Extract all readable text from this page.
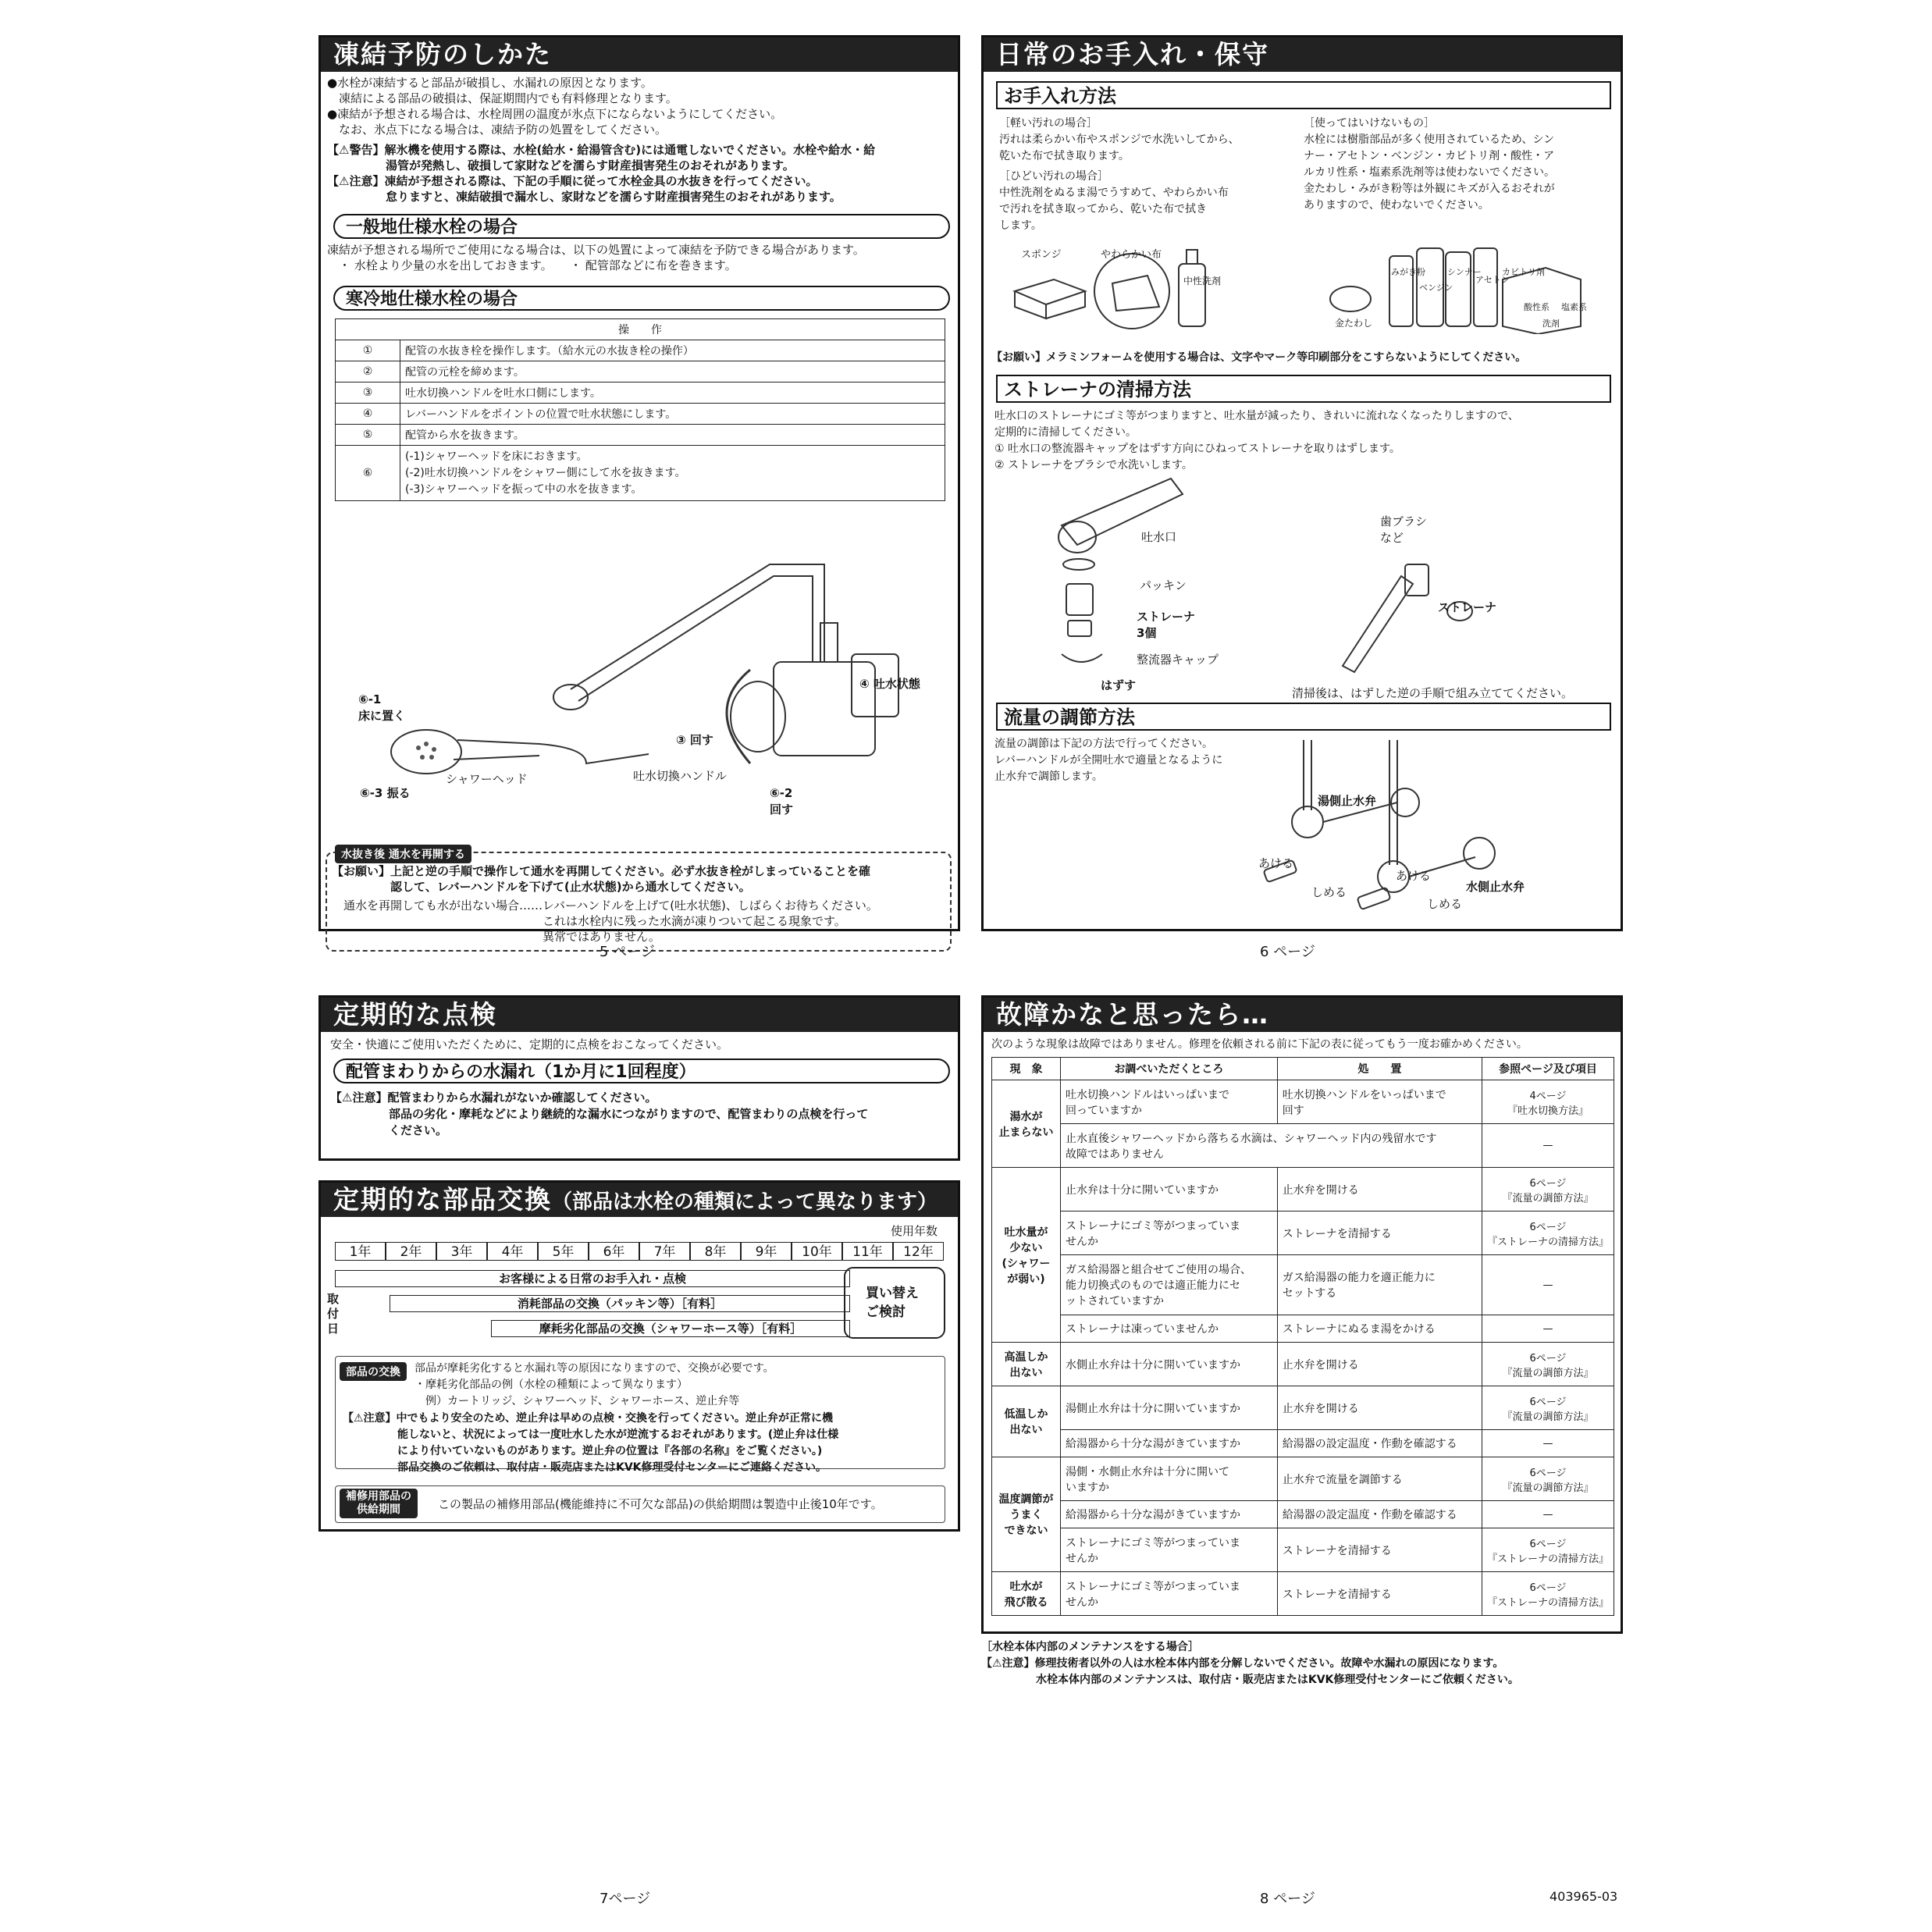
凍結予防のしかた
●水栓が凍結すると部品が破損し、水漏れの原因となります。
　凍結による部品の破損は、保証期間内でも有料修理となります。
●凍結が予想される場合は、水栓周囲の温度が氷点下にならないようにしてください。
　なお、氷点下になる場合は、凍結予防の処置をしてください。
【⚠警告】解氷機を使用する際は、水栓(給水・給湯管含む)には通電しないでください。水栓や給水・給
　　　　　湯管が発熱し、破損して家財などを濡らす財産損害発生のおそれがあります。
【⚠注意】凍結が予想される際は、下記の手順に従って水栓金具の水抜きを行ってください。
　　　　　怠りますと、凍結破損で漏水し、家財などを濡らす財産損害発生のおそれがあります。
一般地仕様水栓の場合
凍結が予想される場所でご使用になる場合は、以下の処置によって凍結を予防できる場合があります。
　・ 水栓より少量の水を出しておきます。　　・ 配管部などに布を巻きます。
寒冷地仕様水栓の場合
操　　作	
①	配管の水抜き栓を操作します。（給水元の水抜き栓の操作）
②	配管の元栓を締めます。
③	吐水切換ハンドルを吐水口側にします。
④	レバーハンドルをポイントの位置で吐水状態にします。
⑤	配管から水を抜きます。
⑥	(-1)シャワーヘッドを床におきます。
(-2)吐水切換ハンドルをシャワー側にして水を抜きます。
(-3)シャワーヘッドを振って中の水を抜きます。
⑥-1
床に置く
⑥-3 振る
シャワーヘッド
③ 回す
吐水切換ハンドル
④ 吐水状態
⑥-2
回す
水抜き後 通水を再開する
【お願い】上記と逆の手順で操作して通水を再開してください。必ず水抜き栓がしまっていることを確
　　　　　認して、レバーハンドルを下げて(止水状態)から通水してください。
　通水を再開しても水が出ない場合……レバーハンドルを上げて(吐水状態)、しばらくお待ちください。
　　　　　　　　　　　　　　　　　　これは水栓内に残った水滴が凍りついて起こる現象です。
　　　　　　　　　　　　　　　　　　異常ではありません。
5 ページ
日常のお手入れ・保守
お手入れ方法
［軽い汚れの場合］
汚れは柔らかい布やスポンジで水洗いしてから、
乾いた布で拭き取ります。
［ひどい汚れの場合］
中性洗剤をぬるま湯でうすめて、やわらかい布
で汚れを拭き取ってから、乾いた布で拭き
します。
［使ってはいけないもの］
水栓には樹脂部品が多く使用されているため、シン
ナー・アセトン・ベンジン・カビトリ剤・酸性・ア
ルカリ性系・塩素系洗剤等は使わないでください。
金たわし・みがき粉等は外観にキズが入るおそれが
ありますので、使わないでください。
スポンジ	やわらかい布
中性洗剤
金たわし
みがき粉
ベンジン
シンナー
アセトン
カビトリ剤
酸性系 塩素系
洗剤
【お願い】メラミンフォームを使用する場合は、文字やマーク等印刷部分をこすらないようにしてください。
ストレーナの清掃方法
吐水口のストレーナにゴミ等がつまりますと、吐水量が減ったり、きれいに流れなくなったりしますので、
定期的に清掃してください。
① 吐水口の整流器キャップをはずす方向にひねってストレーナを取りはずします。
② ストレーナをブラシで水洗いします。
吐水口
パッキン
ストレーナ
3個
整流器キャップ
はずす
歯ブラシ
など
ストレーナ
清掃後は、はずした逆の手順で組み立ててください。
流量の調節方法
流量の調節は下記の方法で行ってください。
レバーハンドルが全開吐水で適量となるように
止水弁で調節します。
湯側止水弁
水側止水弁
あける
しめる
あける
しめる
6 ページ
定期的な点検
安全・快適にご使用いただくために、定期的に点検をおこなってください。
配管まわりからの水漏れ（1か月に1回程度）
【⚠注意】配管まわりから水漏れがないか確認してください。
　　　　　部品の劣化・摩耗などにより継続的な漏水につながりますので、配管まわりの点検を行って
　　　　　ください。
定期的な部品交換（部品は水栓の種類によって異なります）
使用年数
取
付
日
お客様による日常のお手入れ・点検
消耗部品の交換（パッキン等）［有料］
摩耗劣化部品の交換（シャワーホース等）［有料］
買い替え
ご検討
部品の交換	部品が摩耗劣化すると水漏れ等の原因になりますので、交換が必要です。
・摩耗劣化部品の例（水栓の種類によって異なります）
　例）カートリッジ、シャワーヘッド、シャワーホース、逆止弁等
【⚠注意】中でもより安全のため、逆止弁は早めの点検・交換を行ってください。逆止弁が正常に機
　　　　　能しないと、状況によっては一度吐水した水が逆流するおそれがあります。(逆止弁は仕様
　　　　　により付いていないものがあります。逆止弁の位置は『各部の名称』をご覧ください。)
　　　　　部品交換のご依頼は、取付店・販売店またはKVK修理受付センターにご連絡ください。
補修用部品の
供給期間	この製品の補修用部品(機能維持に不可欠な部品)の供給期間は製造中止後10年です。
1年	2年	3年	4年	5年	6年	7年	8年	9年	10年	11年	12年
7ページ
故障かなと思ったら…
次のような現象は故障ではありません。修理を依頼される前に下記の表に従ってもう一度お確かめください。
現　象	お調べいただくところ	処　　置	参照ページ及び項目
湯水が
止まらない	吐水切換ハンドルはいっぱいまで
回っていますか	吐水切換ハンドルをいっぱいまで
回す	4ページ
『吐水切換方法』
	止水直後シャワーヘッドから落ちる水滴は、シャワーヘッド内の残留水です
故障ではありません		—
吐水量が
少ない
(シャワー
が弱い)	止水弁は十分に開いていますか	止水弁を開ける	6ページ
『流量の調節方法』
	ストレーナにゴミ等がつまっていま
せんか	ストレーナを清掃する	6ページ
『ストレーナの清掃方法』
	ガス給湯器と組合せてご使用の場合、
能力切換式のものでは適正能力にセ
ットされていますか	ガス給湯器の能力を適正能力に
セットする	—
	ストレーナは凍っていませんか	ストレーナにぬるま湯をかける	—
高温しか
出ない	水側止水弁は十分に開いていますか	止水弁を開ける	6ページ
『流量の調節方法』
低温しか
出ない	湯側止水弁は十分に開いていますか	止水弁を開ける	6ページ
『流量の調節方法』
	給湯器から十分な湯がきていますか	給湯器の設定温度・作動を確認する	—
温度調節が
うまく
できない	湯側・水側止水弁は十分に開いて
いますか	止水弁で流量を調節する	6ページ
『流量の調節方法』
	給湯器から十分な湯がきていますか	給湯器の設定温度・作動を確認する	—
	ストレーナにゴミ等がつまっていま
せんか	ストレーナを清掃する	6ページ
『ストレーナの清掃方法』
吐水が
飛び散る	ストレーナにゴミ等がつまっていま
せんか	ストレーナを清掃する	6ページ
『ストレーナの清掃方法』
［水栓本体内部のメンテナンスをする場合］
【⚠注意】修理技術者以外の人は水栓本体内部を分解しないでください。故障や水漏れの原因になります。
　　　　　水栓本体内部のメンテナンスは、取付店・販売店またはKVK修理受付センターにご依頼ください。
8 ページ	403965-03
